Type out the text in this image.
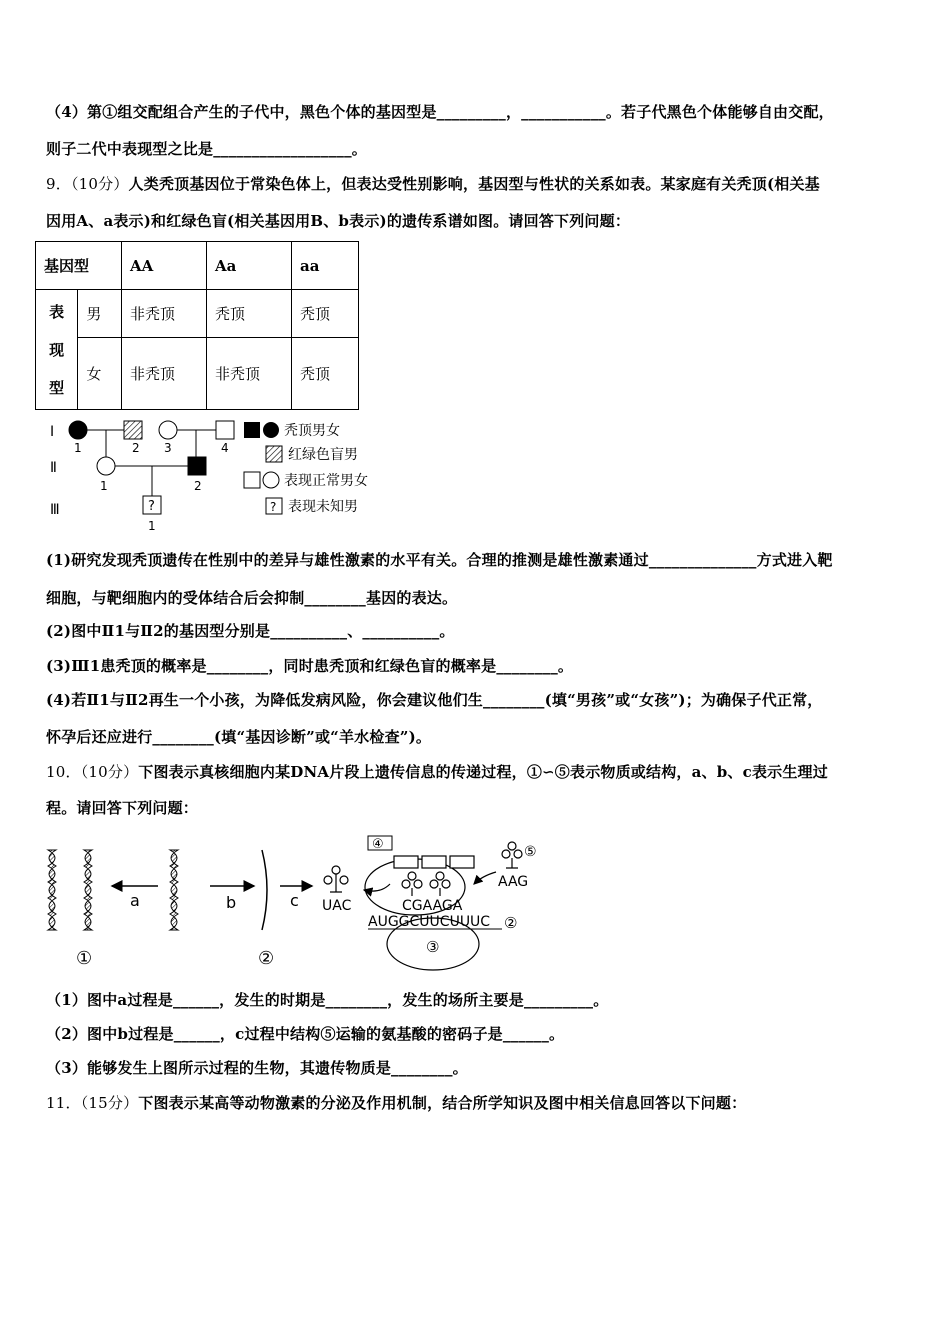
（4）第①组交配组合产生的子代中，黑色个体的基因型是_________，___________。若子代黑色个体能够自由交配，
则子二代中表现型之比是__________________。
9．（10分）人类秃顶基因位于常染色体上，但表达受性别影响，基因型与性状的关系如表。某家庭有关秃顶(相关基
因用A、a表示)和红绿色盲(相关基因用B、b表示)的遗传系谱如图。请回答下列问题：
基因型		AA	Aa	aa
表
现
型	男	非秃顶	秃顶	秃顶
	女	非秃顶	非秃顶	秃顶
Ⅰ
Ⅱ
Ⅲ
1	2 3	4
1	2
?
1
秃顶男女
红绿色盲男
表现正常男女
? 表现未知男
(1)研究发现秃顶遗传在性别中的差异与雄性激素的水平有关。合理的推测是雄性激素通过______________方式进入靶
细胞，与靶细胞内的受体结合后会抑制________基因的表达。
(2)图中Ⅱ1与Ⅱ2的基因型分别是__________、__________。
(3)Ⅲ1患秃顶的概率是________，同时患秃顶和红绿色盲的概率是________。
(4)若Ⅱ1与Ⅱ2再生一个小孩，为降低发病风险，你会建议他们生________(填“男孩”或“女孩”)；为确保子代正常，
怀孕后还应进行________(填“基因诊断”或“羊水检查”)。
10．（10分）下图表示真核细胞内某DNA片段上遗传信息的传递过程，①∽⑤表示物质或结构，a、b、c表示生理过
程。请回答下列问题：
a	b	c
①	②
UAC
④
CGAAGA
AUGGCUUCUUUC ②
③
⑤
AAG
（1）图中a过程是______，发生的时期是________，发生的场所主要是_________。
（2）图中b过程是______，c过程中结构⑤运输的氨基酸的密码子是______。
（3）能够发生上图所示过程的生物，其遗传物质是________。
11．（15分）下图表示某高等动物激素的分泌及作用机制，结合所学知识及图中相关信息回答以下问题：
